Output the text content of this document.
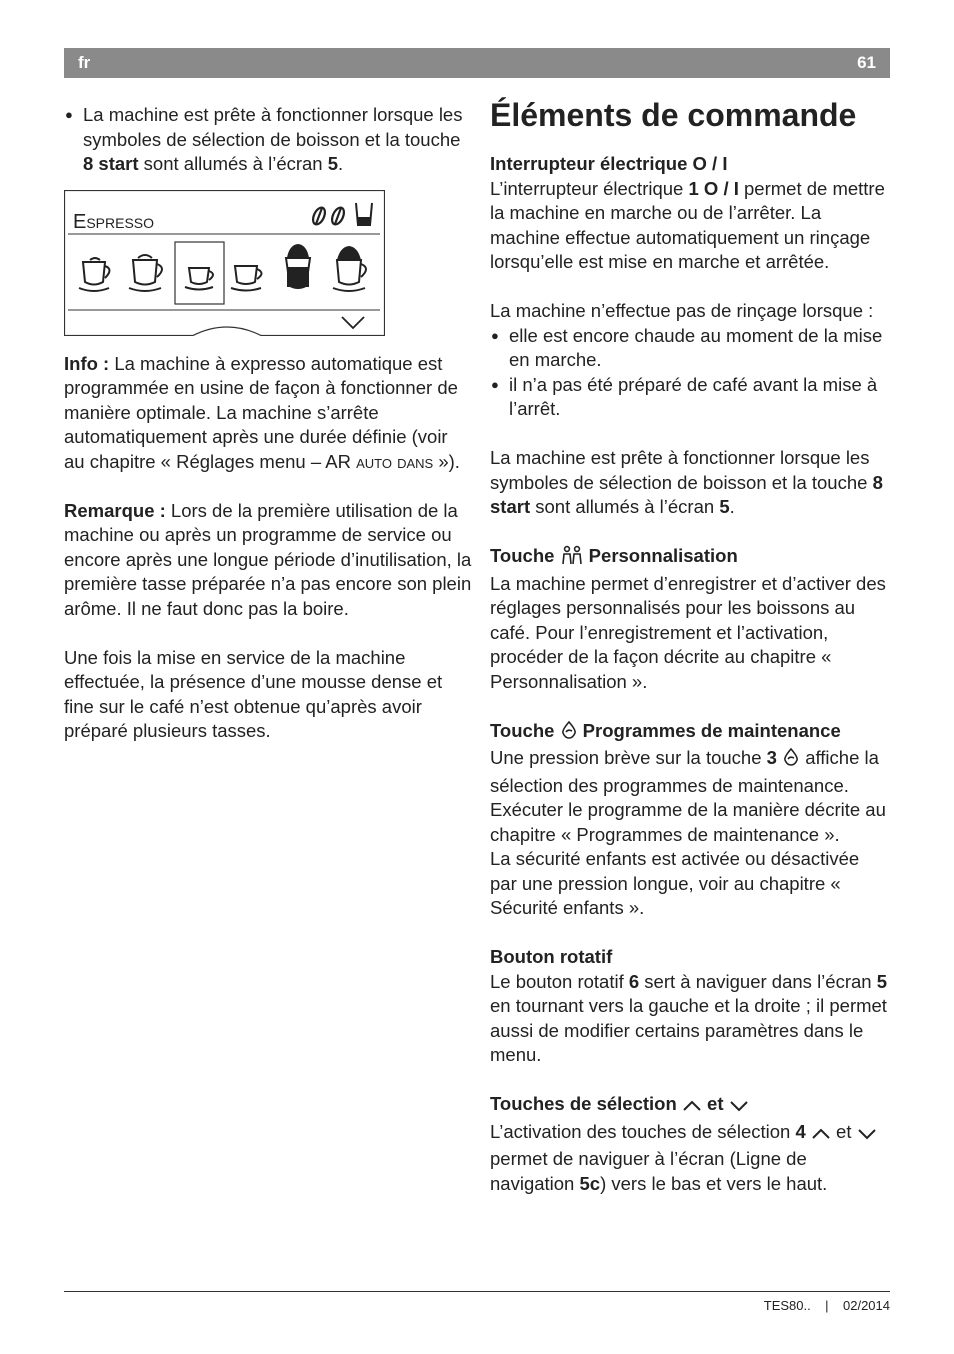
fr	61

● La machine est prête à fonctionner lorsque les symboles de sélection de boisson et la touche 8 start sont allumés à l’écran 5.

Espresso

Info : La machine à expresso automatique est programmée en usine de façon à fonctionner de manière optimale. La machine s’arrête automatiquement après une durée définie (voir au chapitre « Réglages menu – AR auto dans »).

Remarque : Lors de la première utilisation de la machine ou après un programme de service ou encore après une longue période d’inutilisation, la première tasse préparée n’a pas encore son plein arôme. Il ne faut donc pas la boire.

Une fois la mise en service de la machine effectuée, la présence d’une mousse dense et fine sur le café n’est obtenue qu’après avoir préparé plusieurs tasses.

Éléments de commande

Interrupteur électrique O / I

L’interrupteur électrique 1 O / I permet de mettre la machine en marche ou de l’arrêter. La machine effectue automatiquement un rinçage lorsqu’elle est mise en marche et arrêtée.

La machine n’effectue pas de rinçage lorsque :

● elle est encore chaude au moment de la mise en marche.

● il n’a pas été préparé de café avant la mise à l’arrêt.

La machine est prête à fonctionner lorsque les symboles de sélection de boisson et la touche 8 start sont allumés à l’écran 5.

Touche  Personnalisation

La machine permet d’enregistrer et d’activer des réglages personnalisés pour les boissons au café. Pour l’enregistrement et l’activation, procéder de la façon décrite au chapitre « Personnalisation ».

Touche  Programmes de maintenance

Une pression brève sur la touche 3  affiche la sélection des programmes de maintenance. Exécuter le programme de la manière décrite au chapitre « Programmes de maintenance ».

La sécurité enfants est activée ou désactivée par une pression longue, voir au chapitre « Sécurité enfants ».

Bouton rotatif

Le bouton rotatif 6 sert à naviguer dans l’écran 5 en tournant vers la gauche et la droite ; il permet aussi de modifier certains paramètres dans le menu.

Touches de sélection  et

L’activation des touches de sélection 4  et  permet de naviguer à l’écran (Ligne de navigation 5c) vers le bas et vers le haut.

TES80..    |    02/2014
